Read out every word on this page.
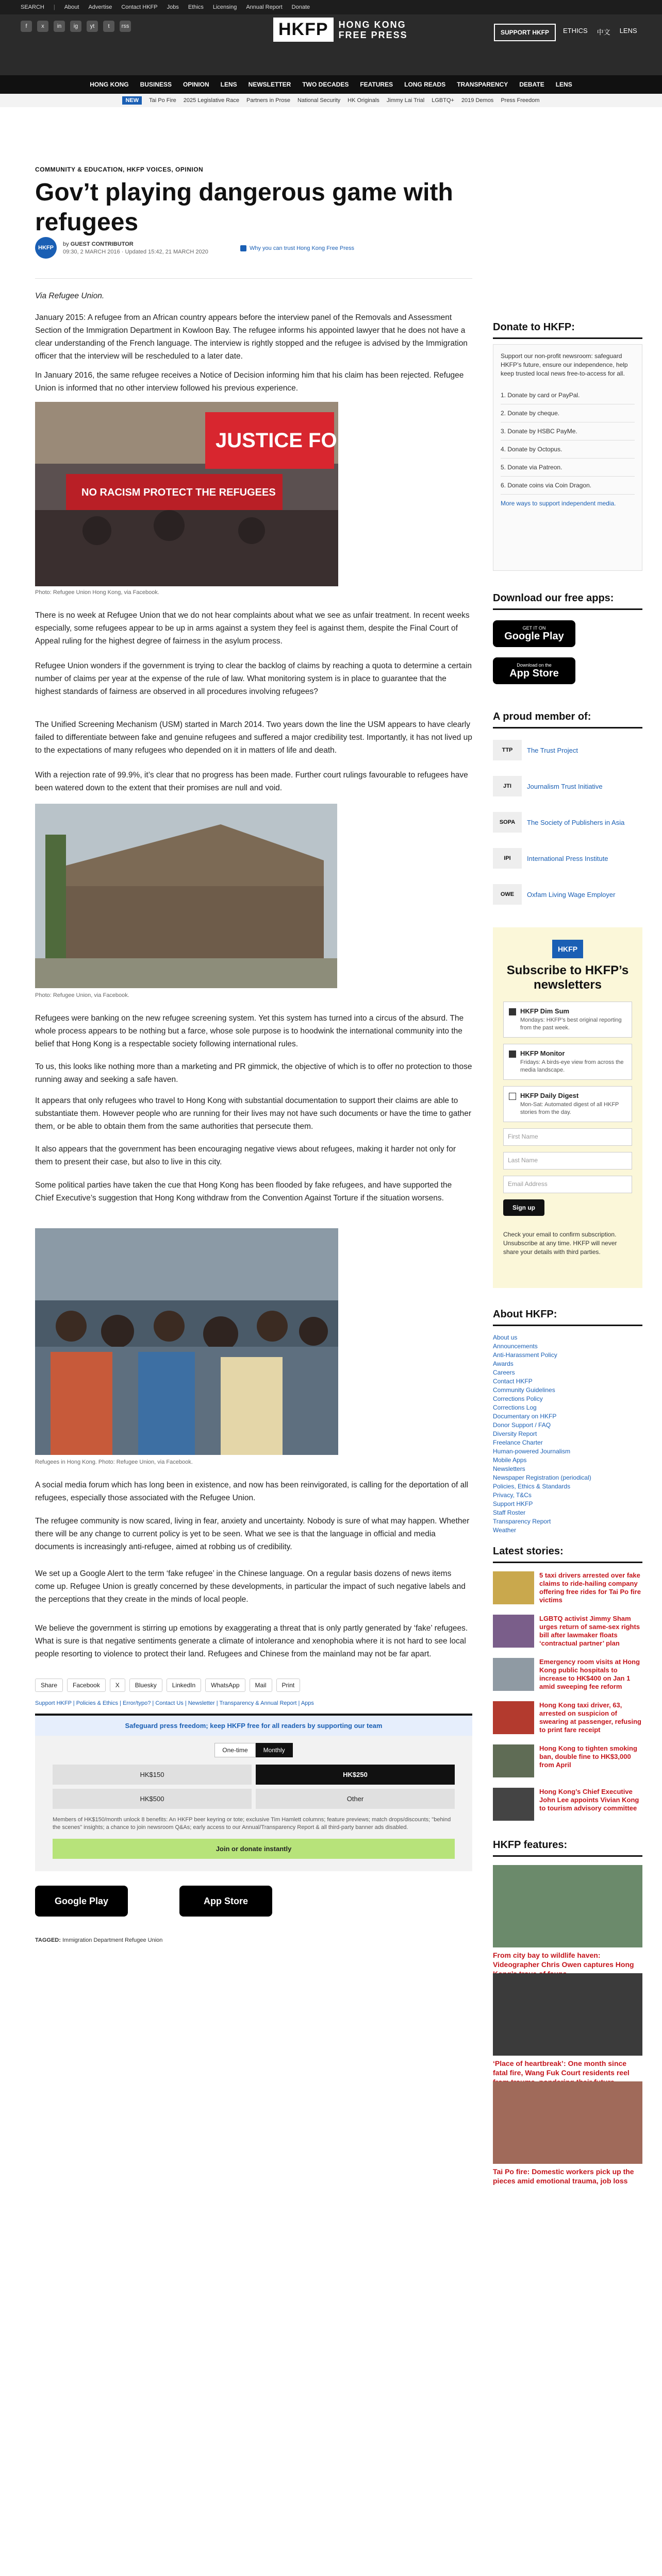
SEARCH | About Advertise Contact HKFP Jobs Ethics Licensing Annual Report Donate
f	x	in	ig	yt	t	rss	HKFP	HONG KONG
FREE PRESS	SUPPORT HKFP	ETHICS 中文 LENS
HONG KONG BUSINESS OPINION LENS NEWSLETTER TWO DECADES FEATURES LONG READS TRANSPARENCY DEBATE LENS
NEW	Tai Po Fire 2025 Legislative Race Partners in Prose National Security HK Originals Jimmy Lai Trial LGBTQ+ 2019 Demos Press Freedom
COMMUNITY & EDUCATION, HKFP VOICES, OPINION
Gov’t playing dangerous game with refugees
HKFP
by GUEST CONTRIBUTOR
09:30, 2 MARCH 2016 · Updated 15:42, 21 MARCH 2020
Why you can trust Hong Kong Free Press
Via Refugee Union.
January 2015: A refugee from an African country appears before the interview panel of the Removals and Assessment Section of the Immigration Department in Kowloon Bay. The refugee informs his appointed lawyer that he does not have a clear understanding of the French language. The interview is rightly stopped and the refugee is advised by the Immigration officer that the interview will be rescheduled to a later date.
In January 2016, the same refugee receives a Notice of Decision informing him that his claim has been rejected. Refugee Union is informed that no other interview followed his previous experience.
JUSTICE FOR
NO RACISM PROTECT THE REFUGEES
Photo: Refugee Union Hong Kong, via Facebook.
There is no week at Refugee Union that we do not hear complaints about what we see as unfair treatment. In recent weeks especially, some refugees appear to be up in arms against a system they feel is against them, despite the Final Court of Appeal ruling for the highest degree of fairness in the asylum process.
Refugee Union wonders if the government is trying to clear the backlog of claims by reaching a quota to determine a certain number of claims per year at the expense of the rule of law. What monitoring system is in place to guarantee that the highest standards of fairness are observed in all procedures involving refugees?
The Unified Screening Mechanism (USM) started in March 2014. Two years down the line the USM appears to have clearly failed to differentiate between fake and genuine refugees and suffered a major credibility test. Importantly, it has not lived up to the expectations of many refugees who depended on it in matters of life and death.
With a rejection rate of 99.9%, it’s clear that no progress has been made. Further court rulings favourable to refugees have been watered down to the extent that their promises are null and void.
Photo: Refugee Union, via Facebook.
Refugees were banking on the new refugee screening system. Yet this system has turned into a circus of the absurd. The whole process appears to be nothing but a farce, whose sole purpose is to hoodwink the international community into the belief that Hong Kong is a respectable society following international rules.
To us, this looks like nothing more than a marketing and PR gimmick, the objective of which is to offer no protection to those running away and seeking a safe haven.
It appears that only refugees who travel to Hong Kong with substantial documentation to support their claims are able to substantiate them. However people who are running for their lives may not have such documents or have the time to gather them, or be able to obtain them from the same authorities that persecute them.
It also appears that the government has been encouraging negative views about refugees, making it harder not only for them to present their case, but also to live in this city.
Some political parties have taken the cue that Hong Kong has been flooded by fake refugees, and have supported the Chief Executive’s suggestion that Hong Kong withdraw from the Convention Against Torture if the situation worsens.
Refugees in Hong Kong. Photo: Refugee Union, via Facebook.
A social media forum which has long been in existence, and now has been reinvigorated, is calling for the deportation of all refugees, especially those associated with the Refugee Union.
The refugee community is now scared, living in fear, anxiety and uncertainty. Nobody is sure of what may happen. Whether there will be any change to current policy is yet to be seen. What we see is that the language in official and media documents is increasingly anti-refugee, aimed at robbing us of credibility.
We set up a Google Alert to the term ‘fake refugee’ in the Chinese language. On a regular basis dozens of news items come up. Refugee Union is greatly concerned by these developments, in particular the impact of such negative labels and the perceptions that they create in the minds of local people.
We believe the government is stirring up emotions by exaggerating a threat that is only partly generated by ‘fake’ refugees. What is sure is that negative sentiments generate a climate of intolerance and xenophobia where it is not hard to see local people resorting to violence to protect their land. Refugees and Chinese from the mainland may not be far apart.
Share	Facebook	X	Bluesky	LinkedIn	WhatsApp	Mail	Print
Support HKFP | Policies & Ethics | Error/typo? | Contact Us | Newsletter | Transparency & Annual Report | Apps
Safeguard press freedom; keep HKFP free for all readers by supporting our team
One-time	Monthly
HK$150	HK$250
HK$500	Other
Members of HK$150/month unlock 8 benefits: An HKFP beer keyring or tote; exclusive Tim Hamlett columns; feature previews; match drops/discounts; "behind the scenes" insights; a chance to join newsroom Q&As; early access to our Annual/Transparency Report & all third-party banner ads disabled.
Join or donate instantly
Google Play	App Store
TAGGED: Immigration Department Refugee Union
Donate to HKFP:
Support our non-profit newsroom: safeguard HKFP’s future, ensure our independence, help keep trusted local news free-to-access for all.
1. Donate by card or PayPal.
2. Donate by cheque.
3. Donate by HSBC PayMe.
4. Donate by Octopus.
5. Donate via Patreon.
6. Donate coins via Coin Dragon.
More ways to support independent media.
Download our free apps:
GET IT ON
Google Play
Download on the
App Store
A proud member of:
TTP	The Trust Project
JTI	Journalism Trust Initiative
SOPA	The Society of Publishers in Asia
IPI	International Press Institute
OWE	Oxfam Living Wage Employer
HKFP
Subscribe to HKFP’s newsletters
HKFP Dim Sum
Mondays: HKFP’s best original reporting from the past week.
HKFP Monitor
Fridays: A birds-eye view from across the media landscape.
HKFP Daily Digest
Mon-Sat: Automated digest of all HKFP stories from the day.
First Name
Last Name
Email Address
Sign up
Check your email to confirm subscription. Unsubscribe at any time. HKFP will never share your details with third parties.
About HKFP:
About us
Announcements
Anti-Harassment Policy
Awards
Careers
Contact HKFP
Community Guidelines
Corrections Policy
Corrections Log
Documentary on HKFP
Donor Support / FAQ
Diversity Report
Freelance Charter
Human-powered Journalism
Mobile Apps
Newsletters
Newspaper Registration (periodical)
Policies, Ethics & Standards
Privacy, T&Cs
Support HKFP
Staff Roster
Transparency Report
Weather
Latest stories:
5 taxi drivers arrested over fake claims to ride-hailing company offering free rides for Tai Po fire victims
LGBTQ activist Jimmy Sham urges return of same-sex rights bill after lawmaker floats ‘contractual partner’ plan
Emergency room visits at Hong Kong public hospitals to increase to HK$400 on Jan 1 amid sweeping fee reform
Hong Kong taxi driver, 63, arrested on suspicion of swearing at passenger, refusing to print fare receipt
Hong Kong to tighten smoking ban, double fine to HK$3,000 from April
Hong Kong’s Chief Executive John Lee appoints Vivian Kong to tourism advisory committee
HKFP features:
From city bay to wildlife haven: Videographer Chris Owen captures Hong
‘Place of heartbreak’: One month since fatal fire, Wang Fuk Court residents reel
Tai Po fire: Domestic workers pick up the pieces amid emotional trauma, job loss
